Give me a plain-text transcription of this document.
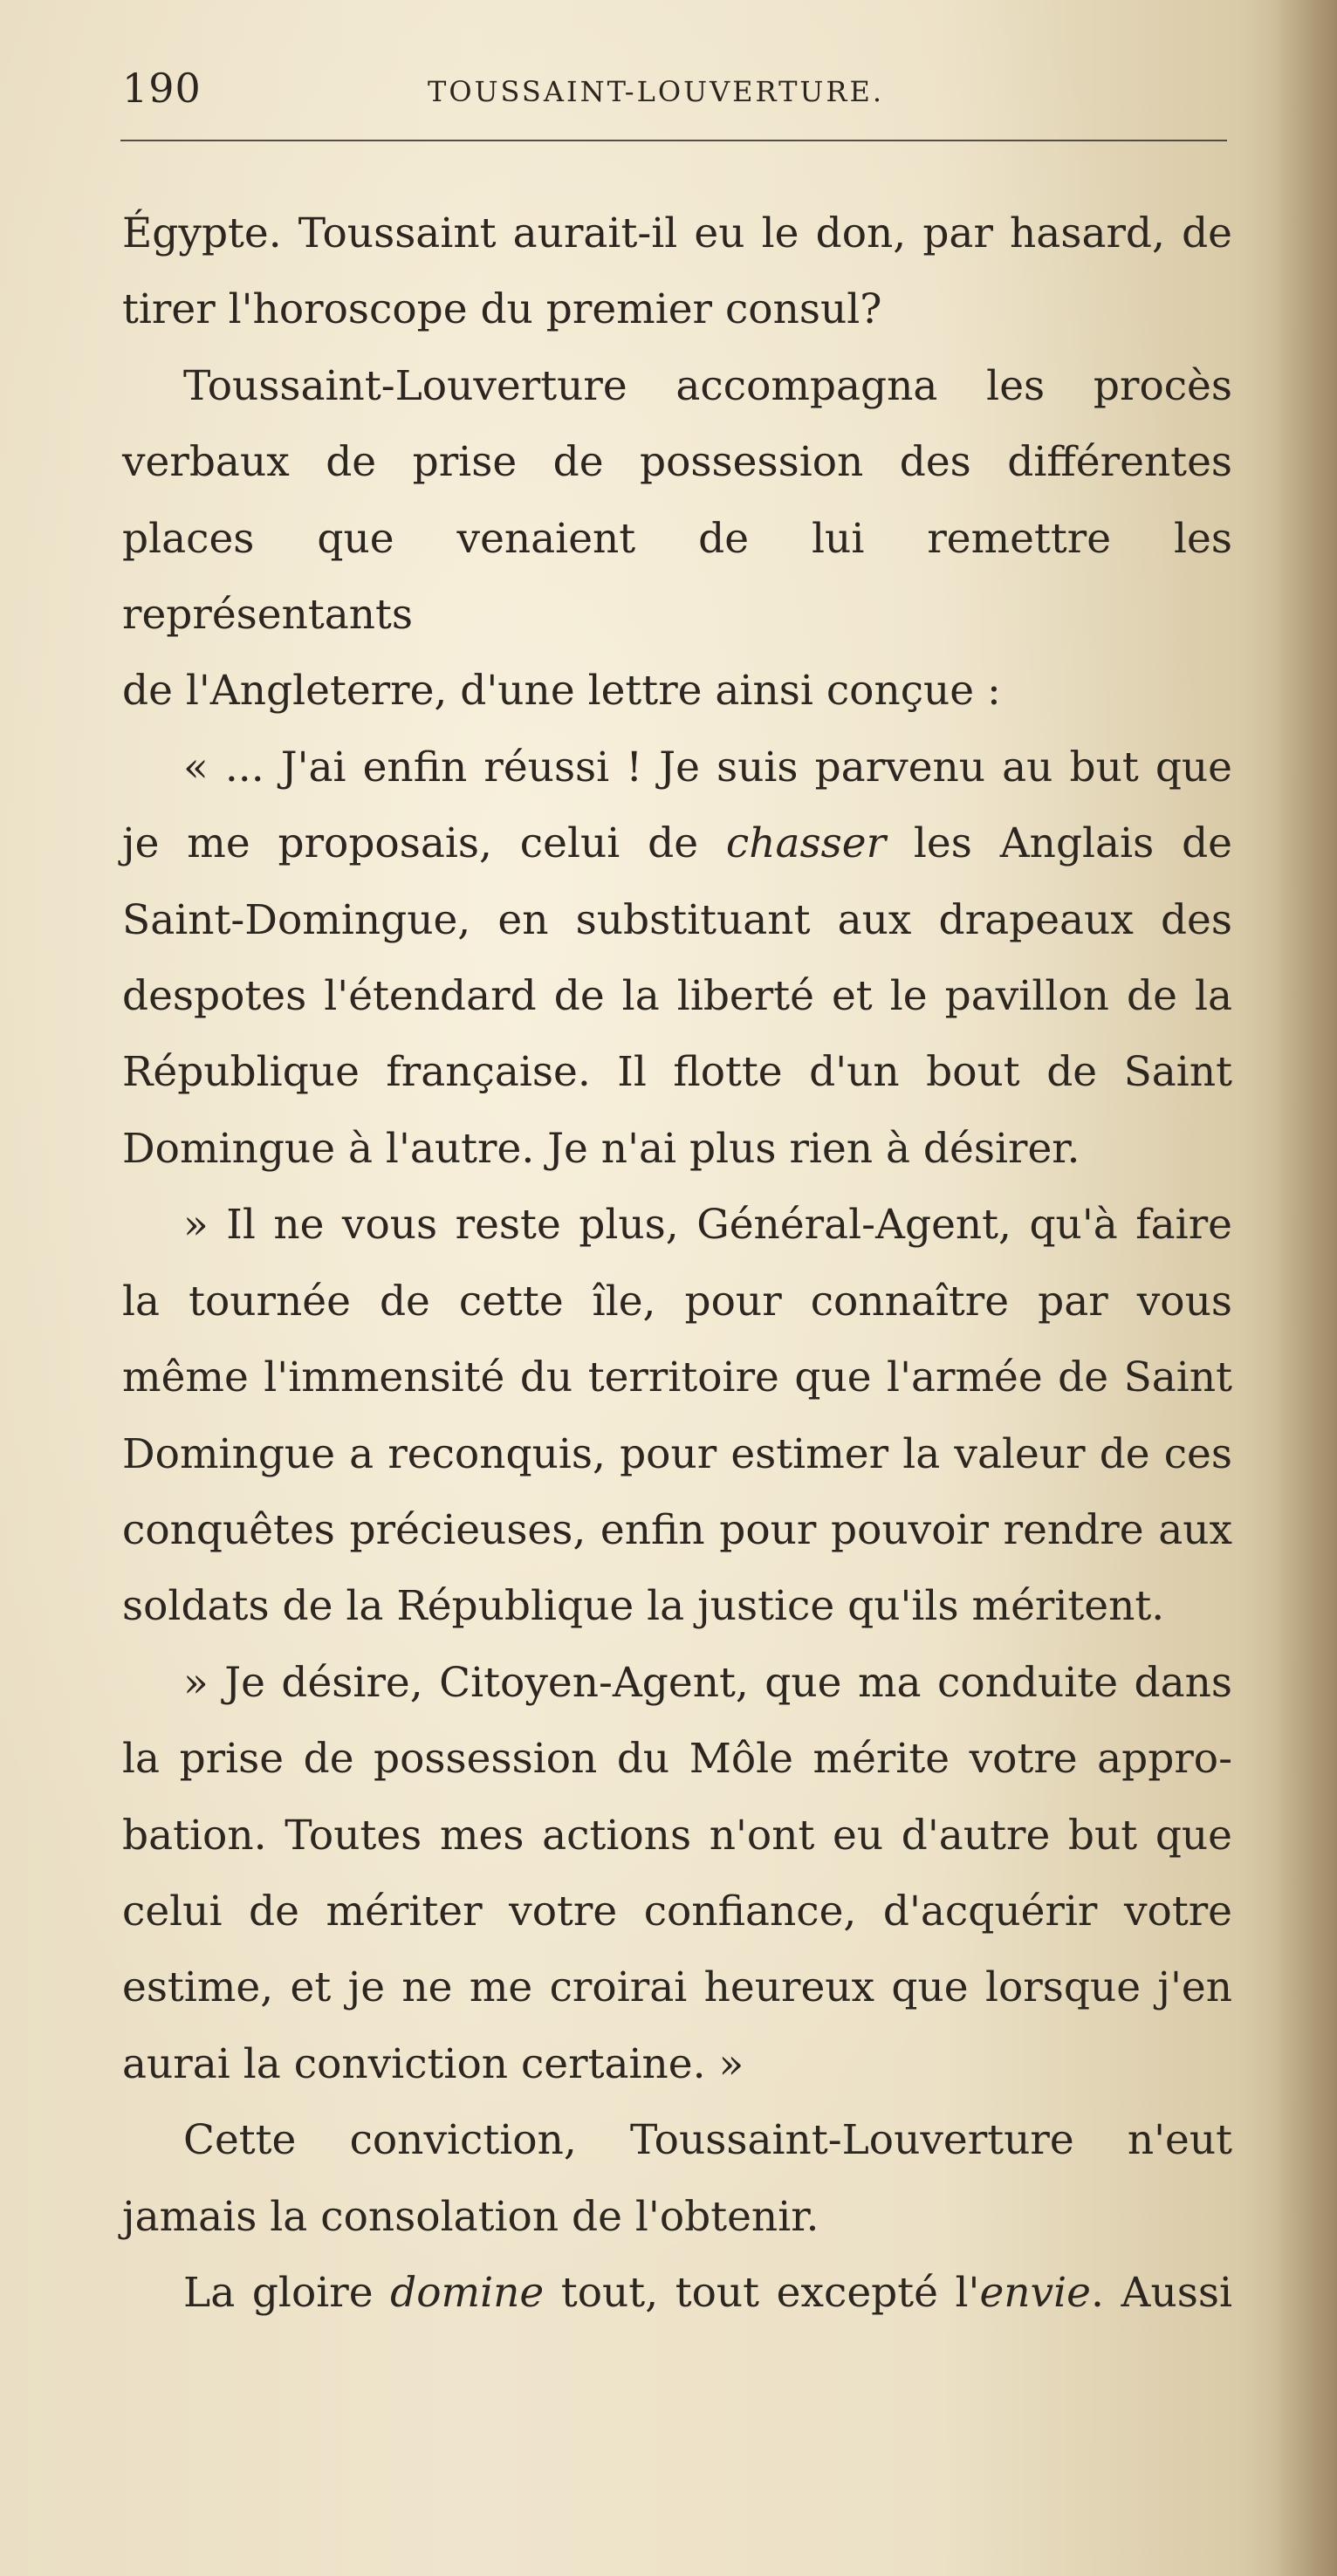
190	TOUSSAINT-LOUVERTURE.

Égypte. Toussaint aurait-il eu le don, par hasard, de

tirer l'horoscope du premier consul?

Toussaint-Louverture accompagna les procès

verbaux de prise de possession des différentes

places que venaient de lui remettre les représentants

de l'Angleterre, d'une lettre ainsi conçue :

« ... J'ai enfin réussi ! Je suis parvenu au but que

je me proposais, celui de chasser les Anglais de

Saint-Domingue, en substituant aux drapeaux des

despotes l'étendard de la liberté et le pavillon de la

République française. Il flotte d'un bout de Saint

Domingue à l'autre. Je n'ai plus rien à désirer.

» Il ne vous reste plus, Général-Agent, qu'à faire

la tournée de cette île, pour connaître par vous

même l'immensité du territoire que l'armée de Saint

Domingue a reconquis, pour estimer la valeur de ces

conquêtes précieuses, enfin pour pouvoir rendre aux

soldats de la République la justice qu'ils méritent.

» Je désire, Citoyen-Agent, que ma conduite dans

la prise de possession du Môle mérite votre appro-

bation. Toutes mes actions n'ont eu d'autre but que

celui de mériter votre confiance, d'acquérir votre

estime, et je ne me croirai heureux que lorsque j'en

aurai la conviction certaine. »

Cette conviction, Toussaint-Louverture n'eut

jamais la consolation de l'obtenir.

La gloire domine tout, tout excepté l'envie. Aussi
